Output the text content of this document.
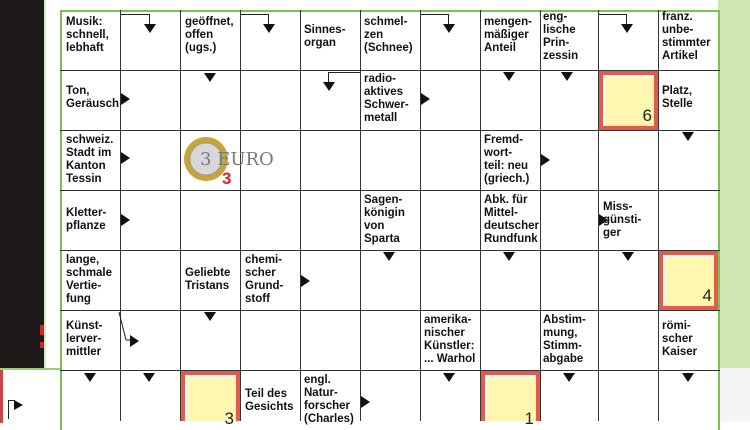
Musik:
schnell,
lebhaft
geöffnet,
offen
(ugs.)
Sinnes-
organ
schmel-
zen
(Schnee)
mengen-
mäßiger
Anteil
eng-
lische
Prin-
zessin
franz.
unbe-
stimmter
Artikel
Ton,
Geräusch
radio-
aktives
Schwer-
metall
Platz,
Stelle
schweiz.
Stadt im
Kanton
Tessin
Fremd-
wort-
teil: neu
(griech.)
Kletter-
pflanze
Sagen-
königin
von
Sparta
Abk. für
Mittel-
deutscher
Rundfunk
Miss-
günsti-
ger
lange,
schmale
Vertie-
fung
Geliebte
Tristans
chemi-
scher
Grund-
stoff
Künst-
lerver-
mittler
amerika-
nischer
Künstler:
... Warhol
Abstim-
mung,
Stimm-
abgabe
römi-
scher
Kaiser
Teil des
Gesichts
engl.
Natur-
forscher
(Charles)
6
4
3	1
3 EURO
3
